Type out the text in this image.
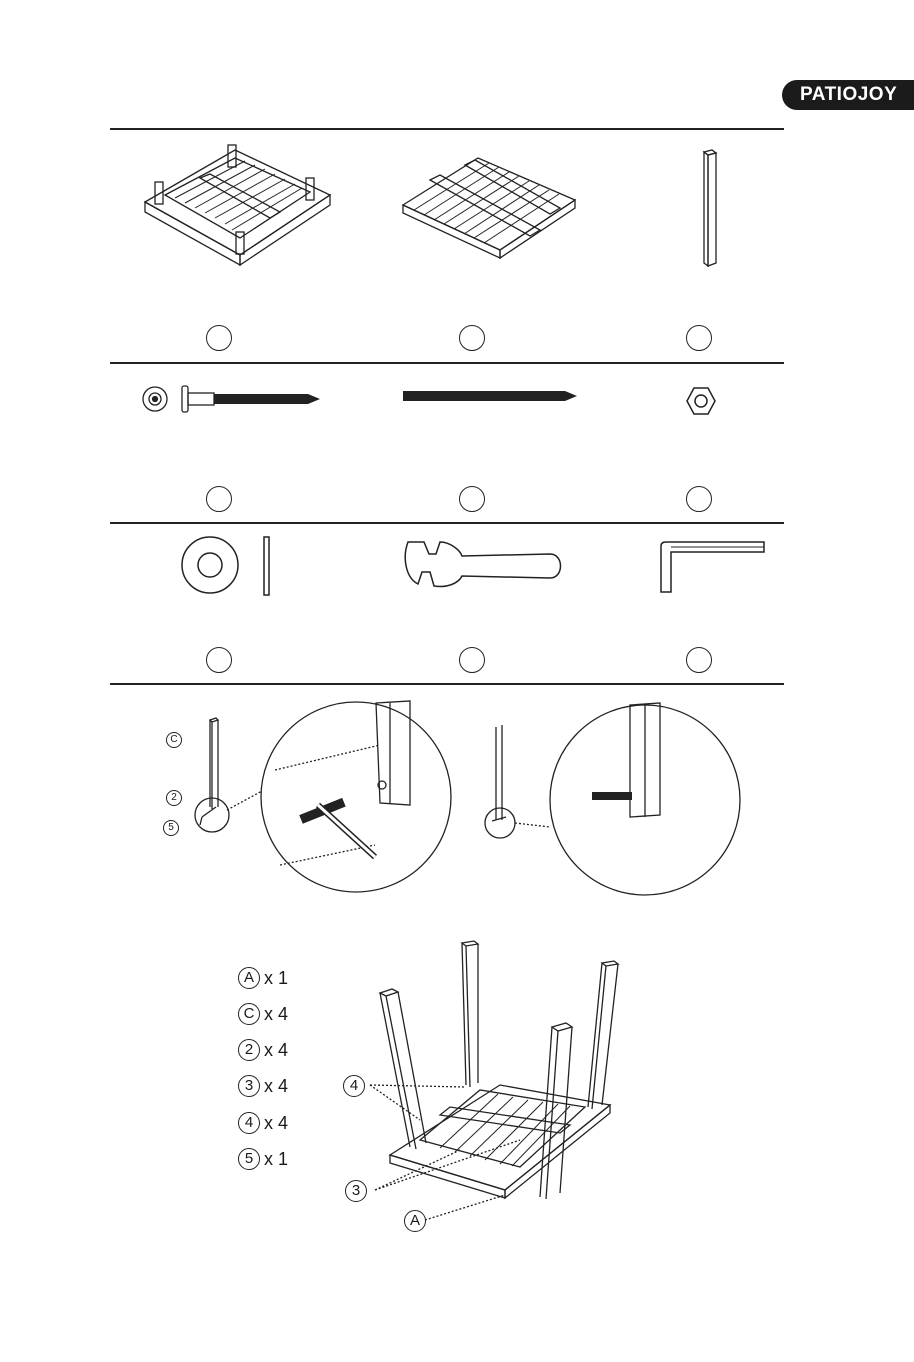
PATIOJOY
C
2
5
A x 1
C x 4
2 x 4
3 x 4
4 x 4
5 x 1
4
3
A
